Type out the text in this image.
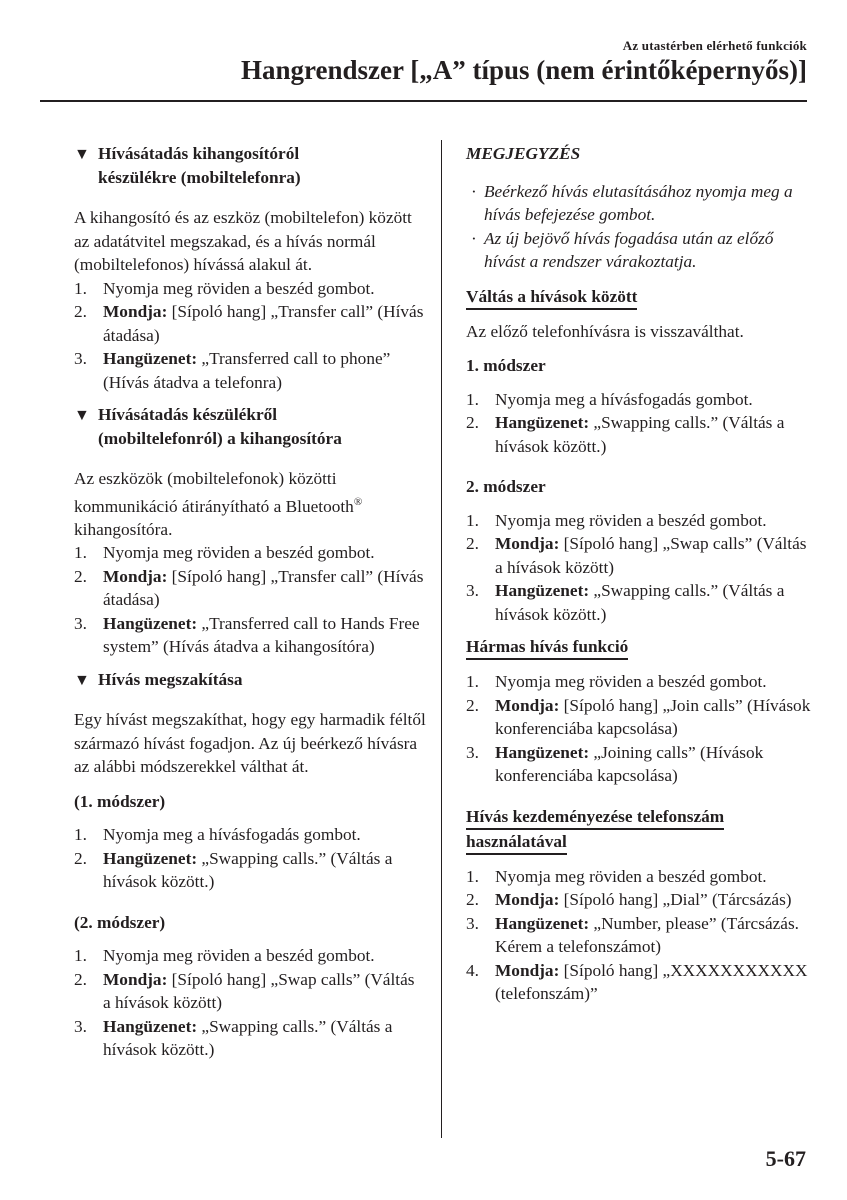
Az utastérben elérhető funkciók
Hangrendszer [„A” típus (nem érintőképernyős)]
▼ Hívásátadás kihangosítóról
készülékre (mobiltelefonra)

A kihangosító és az eszköz (mobiltelefon) között az adatátvitel megszakad, és a hívás normál (mobiltelefonos) hívássá alakul át.

1. Nyomja meg röviden a beszéd gombot.
2. Mondja: [Sípoló hang] „Transfer call” (Hívás átadása)
3. Hangüzenet: „Transferred call to phone” (Hívás átadva a telefonra)
▼ Hívásátadás készülékről
(mobiltelefonról) a kihangosítóra

Az eszközök (mobiltelefonok) közötti kommunikáció átirányítható a Bluetooth® kihangosítóra.

1. Nyomja meg röviden a beszéd gombot.
2. Mondja: [Sípoló hang] „Transfer call” (Hívás átadása)
3. Hangüzenet: „Transferred call to Hands Free system” (Hívás átadva a kihangosítóra)
▼ Hívás megszakítása

Egy hívást megszakíthat, hogy egy harmadik féltől származó hívást fogadjon. Az új beérkező hívásra az alábbi módszerekkel válthat át.

(1. módszer)
1. Nyomja meg a hívásfogadás gombot.
2. Hangüzenet: „Swapping calls.” (Váltás a hívások között.)
(2. módszer)
1. Nyomja meg röviden a beszéd gombot.
2. Mondja: [Sípoló hang] „Swap calls” (Váltás a hívások között)
3. Hangüzenet: „Swapping calls.” (Váltás a hívások között.)
MEGJEGYZÉS
· Beérkező hívás elutasításához nyomja meg a hívás befejezése gombot.
· Az új bejövő hívás fogadása után az előző hívást a rendszer várakoztatja.
Váltás a hívások között

Az előző telefonhívásra is visszaválthat.

1. módszer
1. Nyomja meg a hívásfogadás gombot.
2. Hangüzenet: „Swapping calls.” (Váltás a hívások között.)
2. módszer
1. Nyomja meg röviden a beszéd gombot.
2. Mondja: [Sípoló hang] „Swap calls” (Váltás a hívások között)
3. Hangüzenet: „Swapping calls.” (Váltás a hívások között.)
Hármas hívás funkció
1. Nyomja meg röviden a beszéd gombot.
2. Mondja: [Sípoló hang] „Join calls” (Hívások konferenciába kapcsolása)
3. Hangüzenet: „Joining calls” (Hívások konferenciába kapcsolása)
Hívás kezdeményezése telefonszám
használatával
1. Nyomja meg röviden a beszéd gombot.
2. Mondja: [Sípoló hang] „Dial” (Tárcsázás)
3. Hangüzenet: „Number, please” (Tárcsázás. Kérem a telefonszámot)
4. Mondja: [Sípoló hang] „XXXXXXXXXXX (telefonszám)”
5-67
